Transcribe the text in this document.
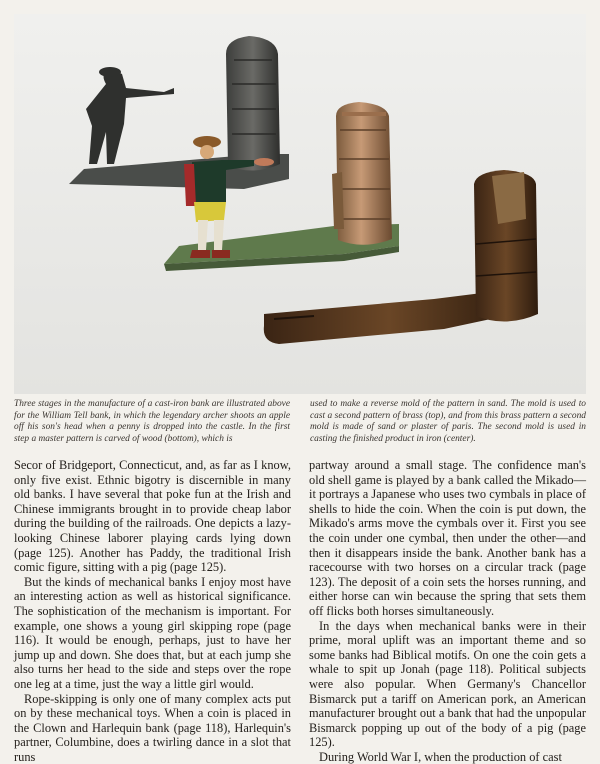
Three stages in the manufacture of a cast-iron bank are illustrated above for the William Tell bank, in which the legendary archer shoots an apple off his son's head when a penny is dropped into the castle. In the first step a master pattern is carved of wood (bottom), which is

used to make a reverse mold of the pattern in sand. The mold is used to cast a second pattern of brass (top), and from this brass pattern a second mold is made of sand or plaster of paris. The second mold is used in casting the finished product in iron (center).

Secor of Bridgeport, Connecticut, and, as far as I know, only five exist. Ethnic bigotry is discernible in many old banks. I have several that poke fun at the Irish and Chinese immigrants brought in to provide cheap labor during the building of the railroads. One depicts a lazy-looking Chinese laborer playing cards lying down (page 125). Another has Paddy, the traditional Irish comic figure, sitting with a pig (page 125).

But the kinds of mechanical banks I enjoy most have an interesting action as well as historical significance. The sophistication of the mechanism is important. For example, one shows a young girl skipping rope (page 116). It would be enough, perhaps, just to have her jump up and down. She does that, but at each jump she also turns her head to the side and steps over the rope one leg at a time, just the way a little girl would.

Rope-skipping is only one of many complex acts put on by these mechanical toys. When a coin is placed in the Clown and Harlequin bank (page 118), Harlequin's partner, Columbine, does a twirling dance in a slot that runs

partway around a small stage. The confidence man's old shell game is played by a bank called the Mikado—it portrays a Japanese who uses two cymbals in place of shells to hide the coin. When the coin is put down, the Mikado's arms move the cymbals over it. First you see the coin under one cymbal, then under the other—and then it disappears inside the bank. Another bank has a racecourse with two horses on a circular track (page 123). The deposit of a coin sets the horses running, and either horse can win because the spring that sets them off flicks both horses simultaneously.

In the days when mechanical banks were in their prime, moral uplift was an important theme and so some banks had Biblical motifs. On one the coin gets a whale to spit up Jonah (page 118). Political subjects were also popular. When Germany's Chancellor Bismarck put a tariff on American pork, an American manufacturer brought out a bank that had the unpopular Bismarck popping up out of the body of a pig (page 125).

During World War I, when the production of cast
